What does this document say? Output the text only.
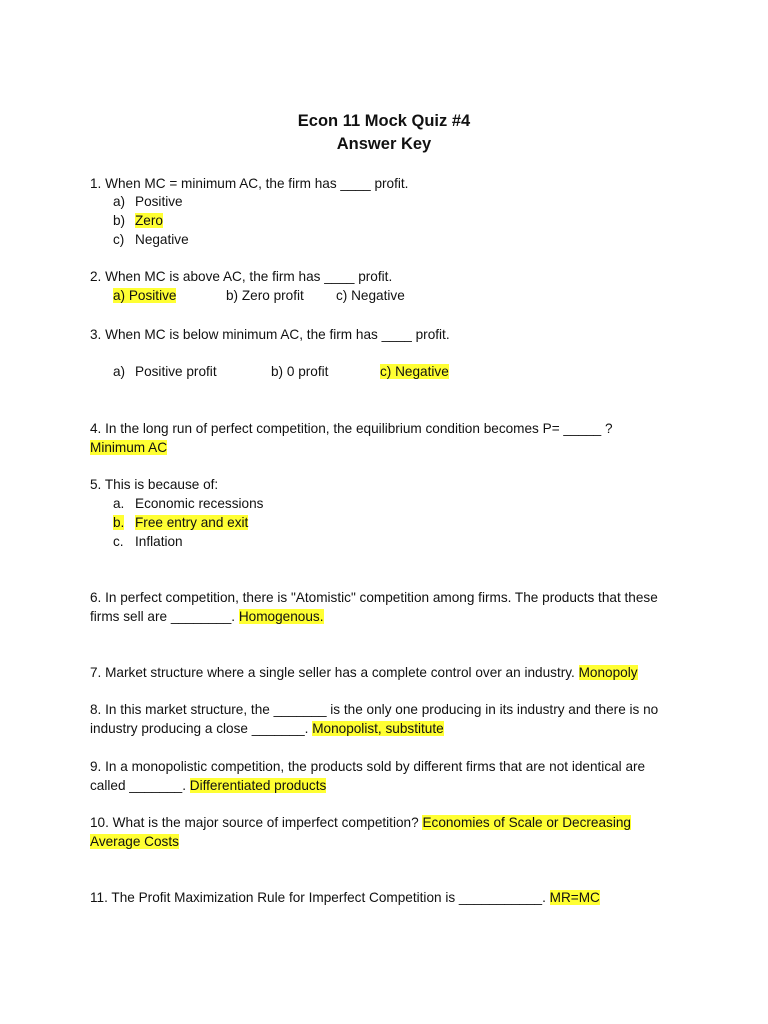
Econ 11 Mock Quiz #4
Answer Key
1. When MC = minimum AC, the firm has ____ profit.
a) Positive
b) Zero
c) Negative
2. When MC is above AC, the firm has ____ profit.
a) Positive	b) Zero profit c) Negative
3. When MC is below minimum AC, the firm has ____ profit.
a) Positive profit	b) 0 profit	c) Negative
4. In the long run of perfect competition, the equilibrium condition becomes P= _____ ?
Minimum AC
5. This is because of:
a. Economic recessions
b. Free entry and exit
c. Inflation
6. In perfect competition, there is "Atomistic" competition among firms. The products that these
firms sell are ________. Homogenous.
7. Market structure where a single seller has a complete control over an industry. Monopoly
8. In this market structure, the _______ is the only one producing in its industry and there is no
industry producing a close _______. Monopolist, substitute
9. In a monopolistic competition, the products sold by different firms that are not identical are
called _______. Differentiated products
10. What is the major source of imperfect competition? Economies of Scale or Decreasing
Average Costs
11. The Profit Maximization Rule for Imperfect Competition is ___________. MR=MC
